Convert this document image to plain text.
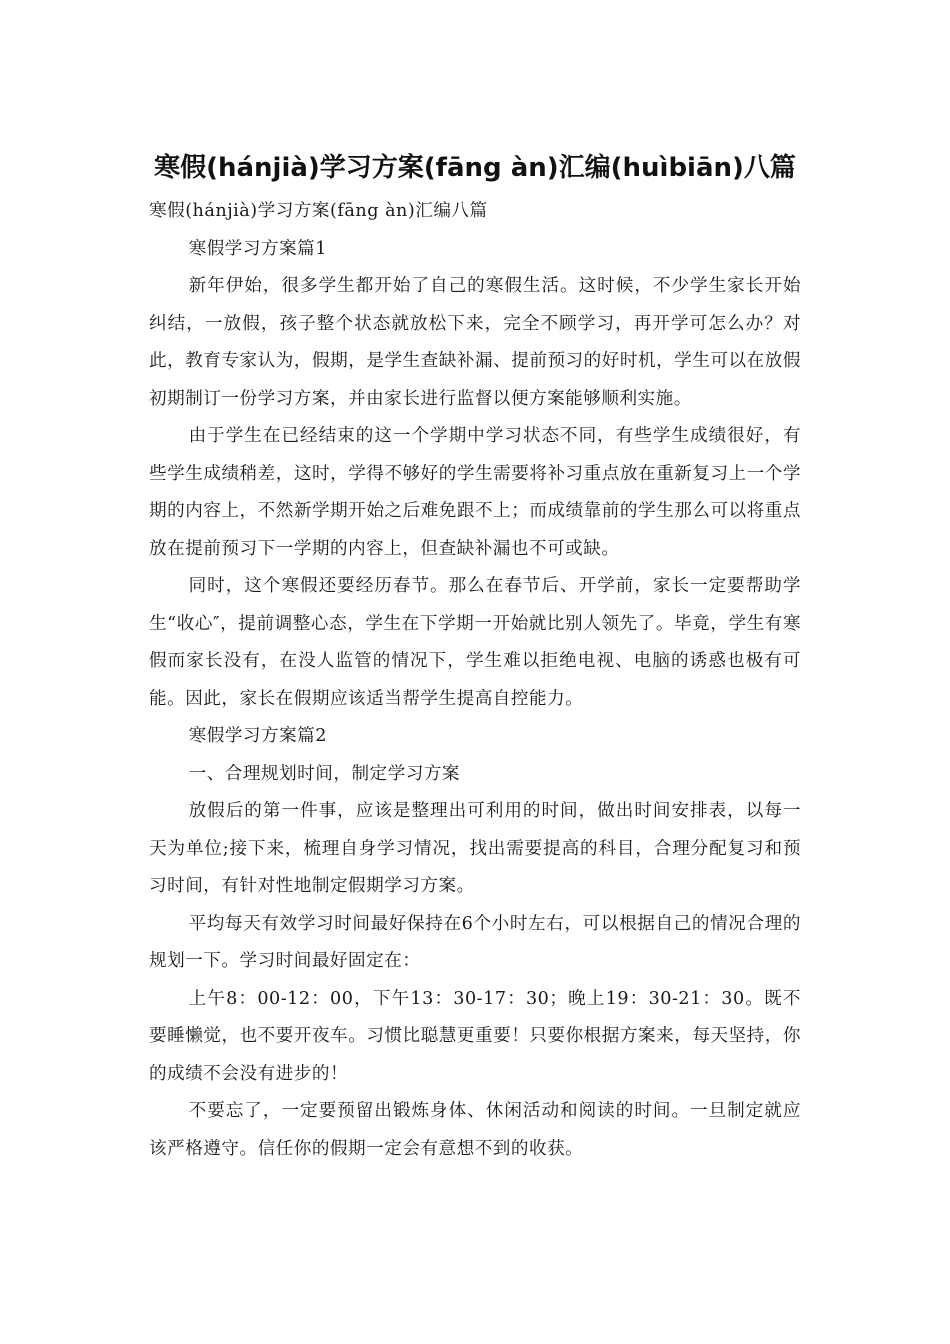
寒假(hánjià)学习方案(fāng àn)汇编(huìbiān)八篇

寒假(hánjià)学习方案(fāng àn)汇编八篇

寒假学习方案篇1

新年伊始，很多学生都开始了自己的寒假生活。这时候，不少学生家长开始纠结，一放假，孩子整个状态就放松下来，完全不顾学习，再开学可怎么办？对此，教育专家认为，假期，是学生查缺补漏、提前预习的好时机，学生可以在放假初期制订一份学习方案，并由家长进行监督以便方案能够顺利实施。

由于学生在已经结束的这一个学期中学习状态不同，有些学生成绩很好，有些学生成绩稍差，这时，学得不够好的学生需要将补习重点放在重新复习上一个学期的内容上，不然新学期开始之后难免跟不上；而成绩靠前的学生那么可以将重点放在提前预习下一学期的内容上，但查缺补漏也不可或缺。

同时，这个寒假还要经历春节。那么在春节后、开学前，家长一定要帮助学生“收心″，提前调整心态，学生在下学期一开始就比别人领先了。毕竟，学生有寒假而家长没有，在没人监管的情况下，学生难以拒绝电视、电脑的诱惑也极有可能。因此，家长在假期应该适当帮学生提高自控能力。

寒假学习方案篇2

一、合理规划时间，制定学习方案

放假后的第一件事，应该是整理出可利用的时间，做出时间安排表，以每一天为单位;接下来，梳理自身学习情况，找出需要提高的科目，合理分配复习和预习时间，有针对性地制定假期学习方案。

平均每天有效学习时间最好保持在6个小时左右，可以根据自己的情况合理的规划一下。学习时间最好固定在：

上午8：00-12：00，下午13：30-17：30；晚上19：30-21：30。既不要睡懒觉，也不要开夜车。习惯比聪慧更重要！只要你根据方案来，每天坚持，你的成绩不会没有进步的！

不要忘了，一定要预留出锻炼身体、休闲活动和阅读的时间。一旦制定就应该严格遵守。信任你的假期一定会有意想不到的收获。
